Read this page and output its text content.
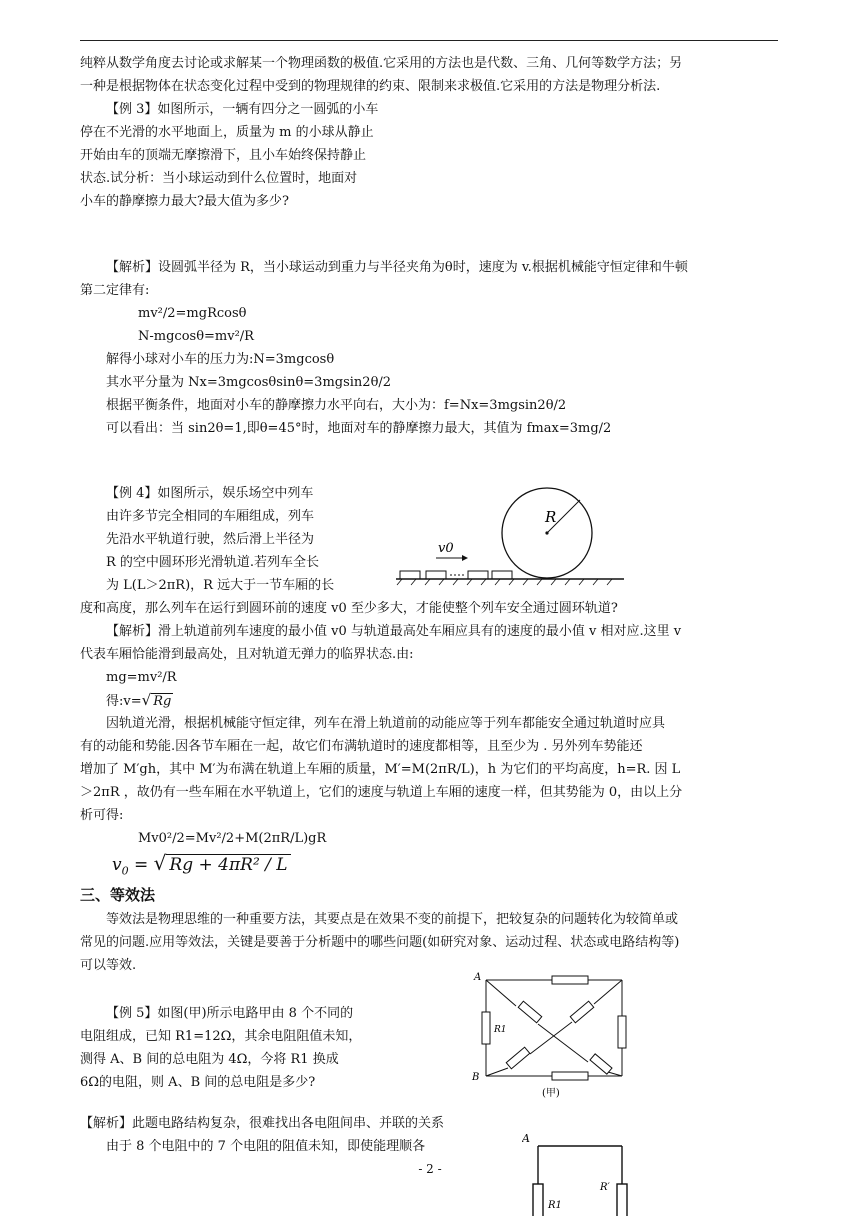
纯粹从数学角度去讨论或求解某一个物理函数的极值.它采用的方法也是代数、三角、几何等数学方法；另

一种是根据物体在状态变化过程中受到的物理规律的约束、限制来求极值.它采用的方法是物理分析法.

【例 3】如图所示，一辆有四分之一圆弧的小车

停在不光滑的水平地面上，质量为 m 的小球从静止

开始由车的顶端无摩擦滑下，且小车始终保持静止

状态.试分析：当小球运动到什么位置时，地面对

小车的静摩擦力最大?最大值为多少?

【解析】设圆弧半径为 R，当小球运动到重力与半径夹角为θ时，速度为 v.根据机械能守恒定律和牛顿

第二定律有:

mv²/2=mgRcosθ

N-mgcosθ=mv²/R

解得小球对小车的压力为:N=3mgcosθ

其水平分量为 Nx=3mgcosθsinθ=3mgsin2θ/2

根据平衡条件，地面对小车的静摩擦力水平向右，大小为：f=Nx=3mgsin2θ/2

可以看出：当 sin2θ=1,即θ=45°时，地面对车的静摩擦力最大，其值为 fmax=3mg/2

【例 4】如图所示，娱乐场空中列车

由许多节完全相同的车厢组成，列车

先沿水平轨道行驶，然后滑上半径为

R 的空中圆环形光滑轨道.若列车全长

为 L(L＞2πR)，R 远大于一节车厢的长

R
v0

度和高度，那么列车在运行到圆环前的速度 v0 至少多大，才能使整个列车安全通过圆环轨道?

【解析】滑上轨道前列车速度的最小值 v0 与轨道最高处车厢应具有的速度的最小值 v 相对应.这里 v

代表车厢恰能滑到最高处，且对轨道无弹力的临界状态.由:

mg=mv²/R

得:v=√ Rg

因轨道光滑，根据机械能守恒定律，列车在滑上轨道前的动能应等于列车都能安全通过轨道时应具

有的动能和势能.因各节车厢在一起，故它们布满轨道时的速度都相等，且至少为 . 另外列车势能还

增加了 M′gh，其中 M′为布满在轨道上车厢的质量，M′=M(2πR/L)，h 为它们的平均高度，h=R. 因 L

＞2πR ，故仍有一些车厢在水平轨道上，它们的速度与轨道上车厢的速度一样，但其势能为 0，由以上分

析可得:

Mv0²/2=Mv²/2+M(2πR/L)gR

$v_0$ = √ Rg + 4πR² / L
三、等效法

等效法是物理思维的一种重要方法，其要点是在效果不变的前提下，把较复杂的问题转化为较简单或

常见的问题.应用等效法，关键是要善于分析题中的哪些问题(如研究对象、运动过程、状态或电路结构等)

可以等效.

【例 5】如图(甲)所示电路甲由 8 个不同的

电阻组成，已知 R1=12Ω，其余电阻阻值未知，

测得 A、B 间的总电阻为 4Ω，今将 R1 换成

6Ω的电阻，则 A、B 间的总电阻是多少?

A
B
R1
(甲)

【解析】此题电路结构复杂，很难找出各电阻间串、并联的关系

由于 8 个电阻中的 7 个电阻的阻值未知，即使能理顺各

A
R1
R′
- 2 -
